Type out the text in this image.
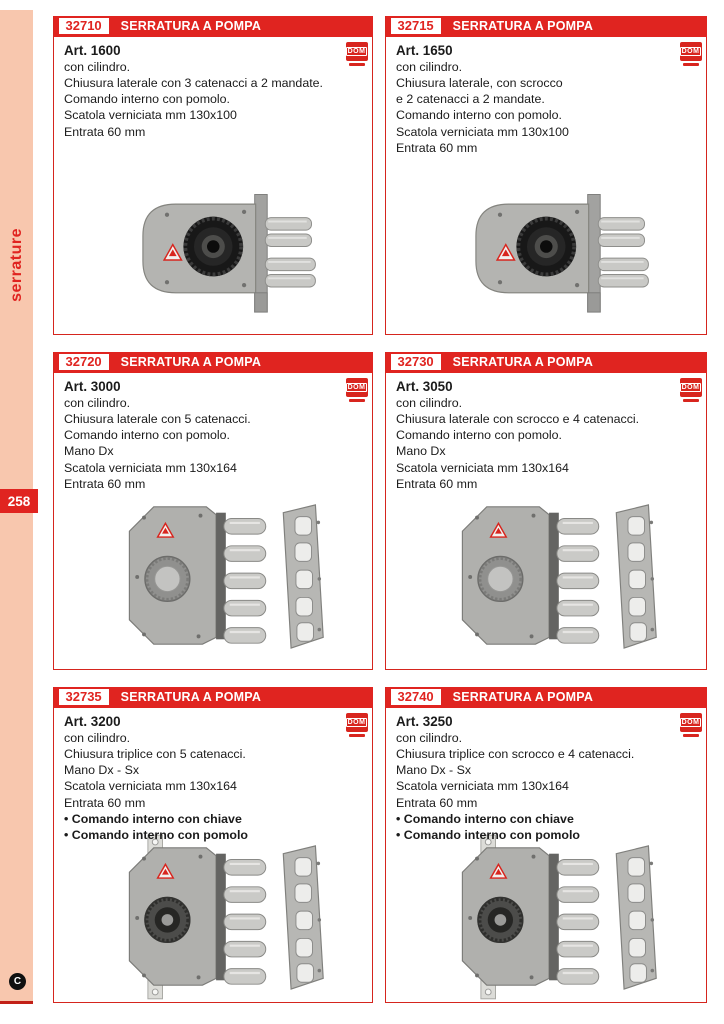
serrature
258
C
32710	SERRATURA A POMPA
DOM
Art. 1600
con cilindro.
Chiusura laterale con 3 catenacci a 2 mandate.
Comando interno con pomolo.
Scatola verniciata mm 130x100
Entrata 60 mm
32715	SERRATURA A POMPA
DOM
Art. 1650
con cilindro.
Chiusura laterale, con scrocco
e 2 catenacci a 2 mandate.
Comando interno con pomolo.
Scatola verniciata mm 130x100
Entrata 60 mm
32720	SERRATURA A POMPA
DOM
Art. 3000
con cilindro.
Chiusura laterale con 5 catenacci.
Comando interno con pomolo.
Mano Dx
Scatola verniciata mm 130x164
Entrata 60 mm
32730	SERRATURA A POMPA
DOM
Art. 3050
con cilindro.
Chiusura laterale con scrocco e 4 catenacci.
Comando interno con pomolo.
Mano Dx
Scatola verniciata mm 130x164
Entrata 60 mm
32735	SERRATURA A POMPA
DOM
Art. 3200
con cilindro.
Chiusura triplice con 5 catenacci.
Mano Dx - Sx
Scatola verniciata mm 130x164
Entrata 60 mm
• Comando interno con chiave
• Comando interno con pomolo
32740	SERRATURA A POMPA
DOM
Art. 3250
con cilindro.
Chiusura triplice con scrocco e 4 catenacci.
Mano Dx - Sx
Scatola verniciata mm 130x164
Entrata 60 mm
• Comando interno con chiave
• Comando interno con pomolo
